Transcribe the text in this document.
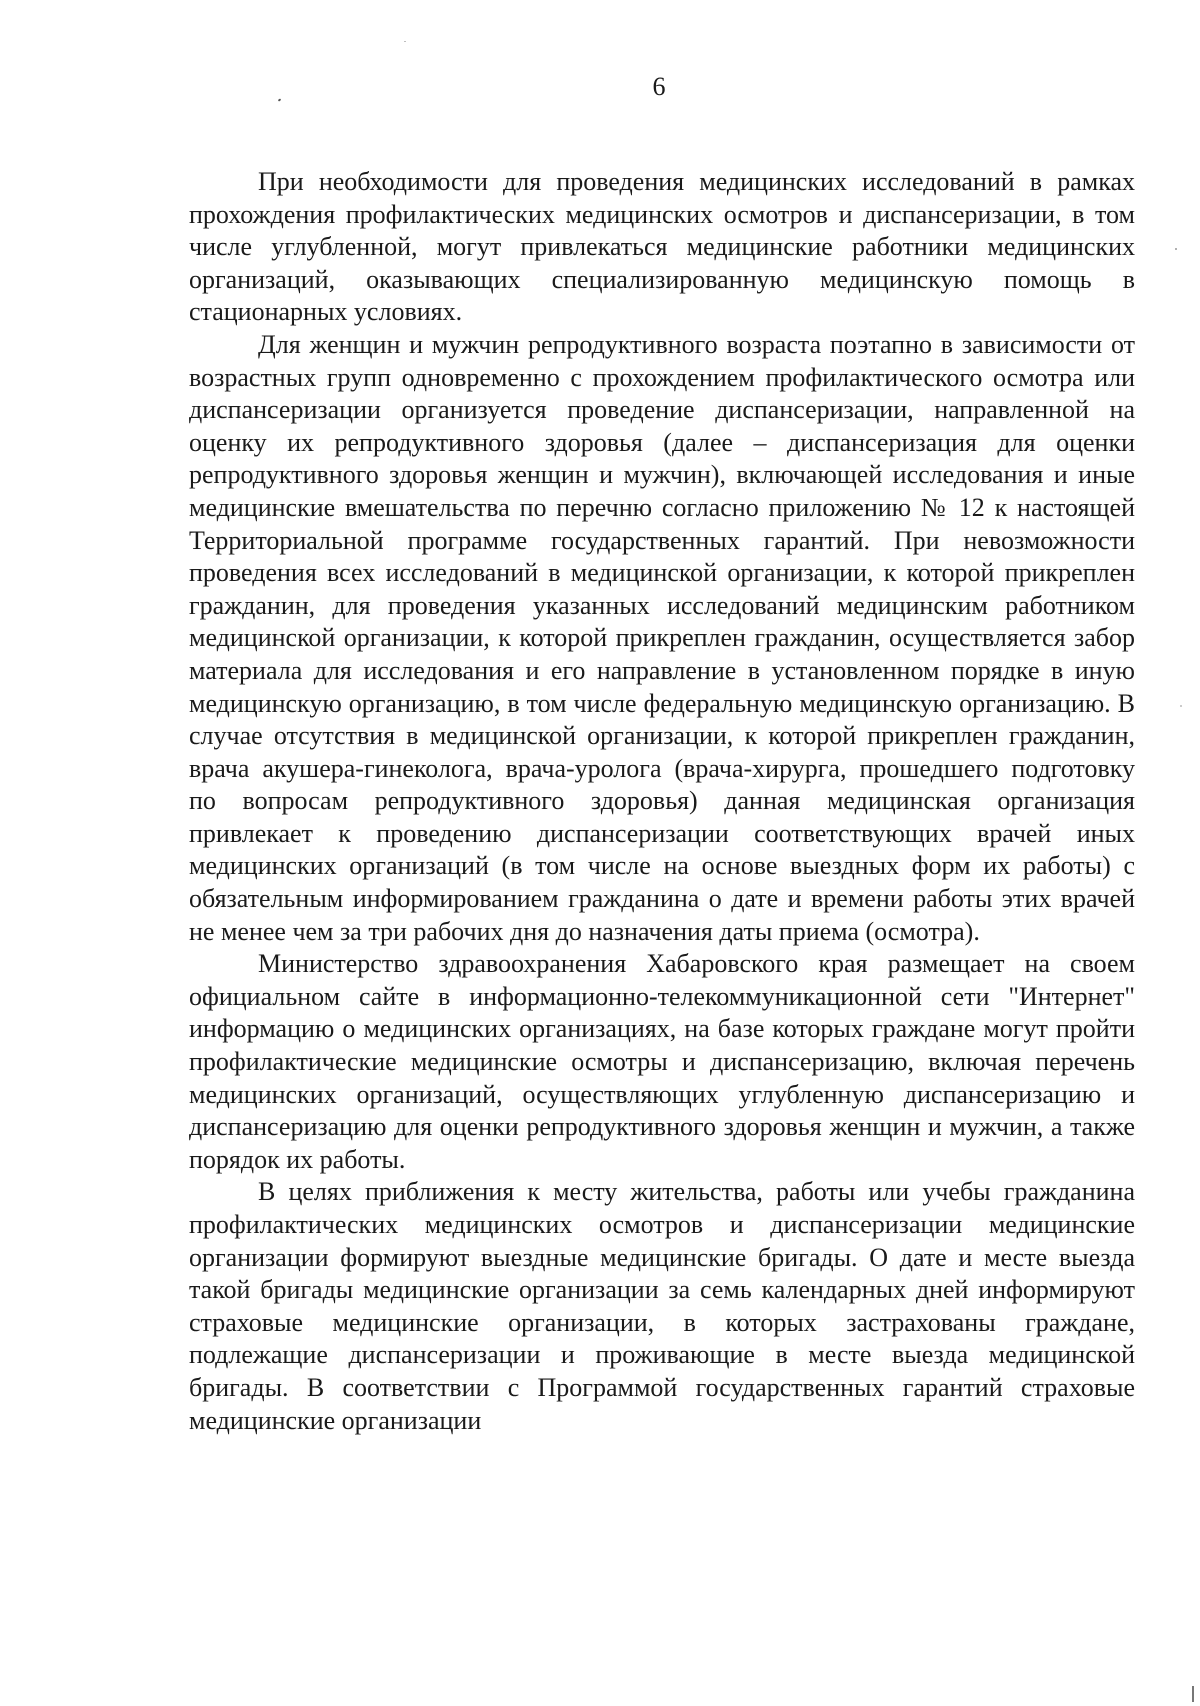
6

При необходимости для проведения медицинских исследований в рамках прохождения профилактических медицинских осмотров и диспансеризации, в том числе углубленной, могут привлекаться медицинские работники медицинских организаций, оказывающих специализированную медицинскую помощь в стационарных условиях.

Для женщин и мужчин репродуктивного возраста поэтапно в зависимости от возрастных групп одновременно с прохождением профилактического осмотра или диспансеризации организуется проведение диспансеризации, направленной на оценку их репродуктивного здоровья (далее – диспансеризация для оценки репродуктивного здоровья женщин и мужчин), включающей исследования и иные медицинские вмешательства по перечню согласно приложению № 12 к настоящей Территориальной программе государственных гарантий. При невозможности проведения всех исследований в медицинской организации, к которой прикреплен гражданин, для проведения указанных исследований медицинским работником медицинской организации, к которой прикреплен гражданин, осуществляется забор материала для исследования и его направление в установленном порядке в иную медицинскую организацию, в том числе федеральную медицинскую организацию. В случае отсутствия в медицинской организации, к которой прикреплен гражданин, врача акушера-гинеколога, врача-уролога (врача-хирурга, прошедшего подготовку по вопросам репродуктивного здоровья) данная медицинская организация привлекает к проведению диспансеризации соответствующих врачей иных медицинских организаций (в том числе на основе выездных форм их работы) с обязательным информированием гражданина о дате и времени работы этих врачей не менее чем за три рабочих дня до назначения даты приема (осмотра).

Министерство здравоохранения Хабаровского края размещает на своем официальном сайте в информационно-телекоммуникационной сети "Интернет" информацию о медицинских организациях, на базе которых граждане могут пройти профилактические медицинские осмотры и диспансеризацию, включая перечень медицинских организаций, осуществляющих углубленную диспансеризацию и диспансеризацию для оценки репродуктивного здоровья женщин и мужчин, а также порядок их работы.

В целях приближения к месту жительства, работы или учебы гражданина профилактических медицинских осмотров и диспансеризации медицинские организации формируют выездные медицинские бригады. О дате и месте выезда такой бригады медицинские организации за семь календарных дней информируют страховые медицинские организации, в которых застрахованы граждане, подлежащие диспансеризации и проживающие в месте выезда медицинской бригады. В соответствии с Программой государственных гарантий страховые медицинские организации
